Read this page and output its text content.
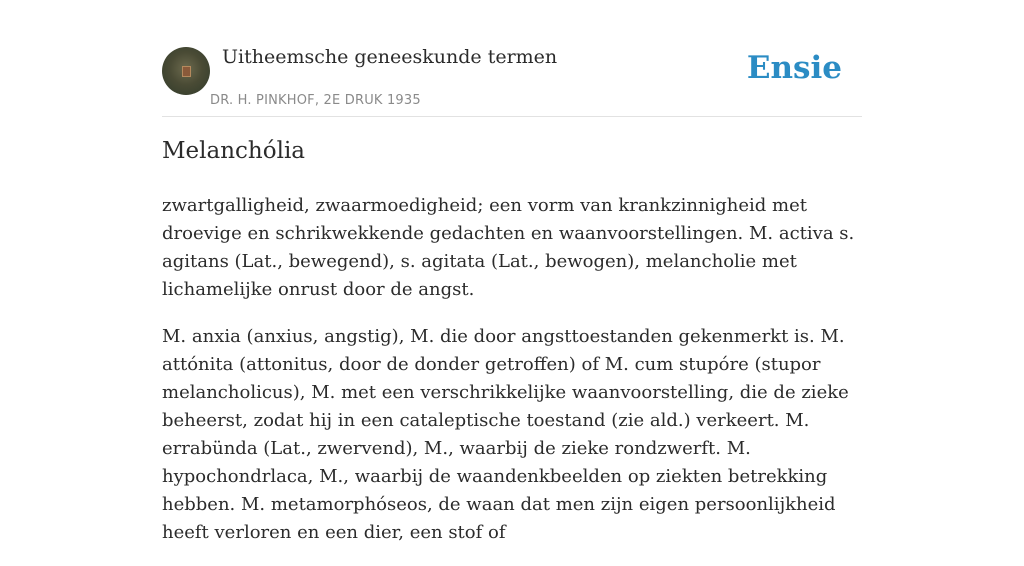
Uitheemsche geneeskunde termen
DR. H. PINKHOF, 2E DRUK 1935
Ensie
Melanchólia

zwartgalligheid, zwaarmoedigheid; een vorm van krankzinnigheid met droevige en schrikwekkende gedachten en waanvoorstellingen. M. activa s. agitans (Lat., bewegend), s. agitata (Lat., bewogen), melancholie met lichamelijke onrust door de angst.

M. anxia (anxius, angstig), M. die door angsttoestanden gekenmerkt is. M. attónita (attonitus, door de donder getroffen) of M. cum stupóre (stupor melancholicus), M. met een verschrikkelijke waanvoorstelling, die de zieke beheerst, zodat hij in een cataleptische toestand (zie ald.) verkeert. M. errabünda (Lat., zwervend), M., waarbij de zieke rondzwerft. M. hypochondrlaca, M., waarbij de waandenkbeelden op ziekten betrekking hebben. M. metamorphóseos, de waan dat men zijn eigen persoonlijkheid heeft verloren en een dier, een stof of
